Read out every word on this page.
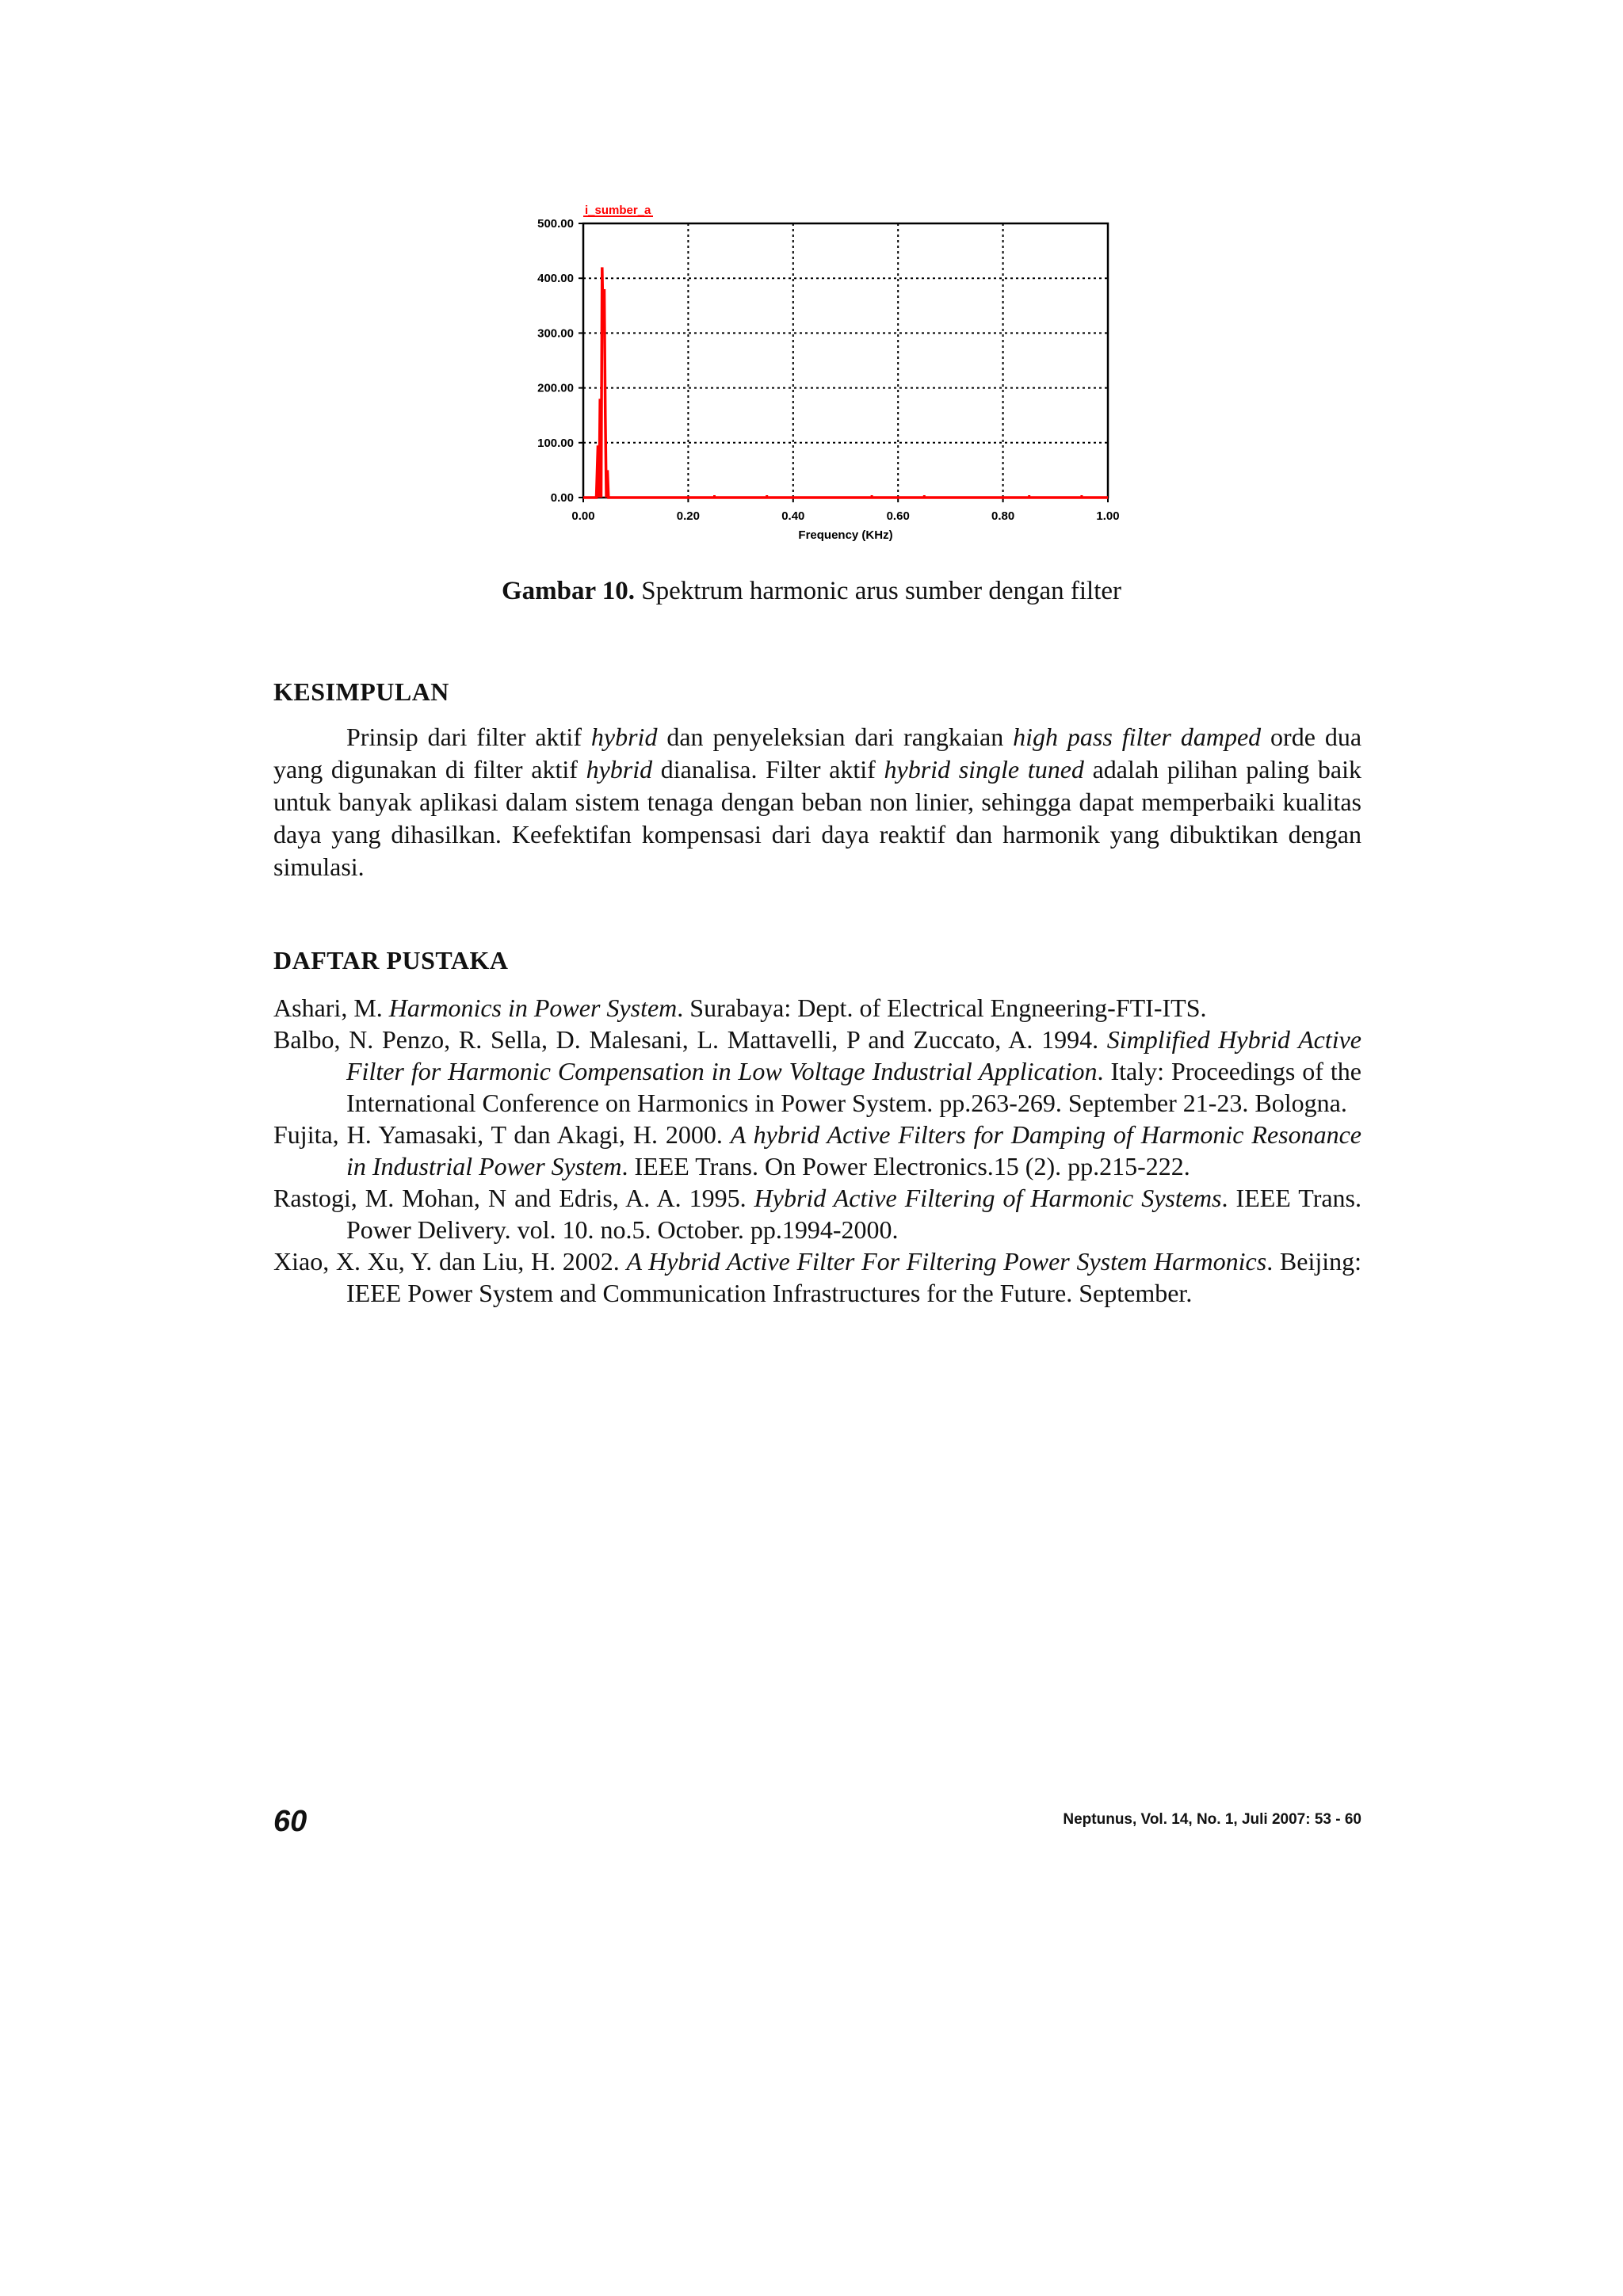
0.00	0.20	0.40	0.60	0.80	1.00
0.00
100.00
200.00
300.00
400.00
500.00
Frequency (KHz)
i_sumber_a
Gambar 10. Spektrum harmonic arus sumber dengan filter
KESIMPULAN

Prinsip dari filter aktif hybrid dan penyeleksian dari rangkaian high pass filter damped orde dua yang digunakan di filter aktif hybrid dianalisa. Filter aktif hybrid single tuned adalah pilihan paling baik untuk banyak aplikasi dalam sistem tenaga dengan beban non linier, sehingga dapat memperbaiki kualitas daya yang dihasilkan. Keefektifan kompensasi dari daya reaktif dan harmonik yang dibuktikan dengan simulasi.

DAFTAR PUSTAKA

Ashari, M. Harmonics in Power System. Surabaya: Dept. of Electrical Engneering-FTI-ITS.

Balbo, N. Penzo, R. Sella, D. Malesani, L. Mattavelli, P and Zuccato, A. 1994. Simplified Hybrid Active Filter for Harmonic Compensation in Low Voltage Industrial Application. Italy: Proceedings of the International Conference on Harmonics in Power System. pp.263-269. September 21-23. Bologna.

Fujita, H. Yamasaki, T dan Akagi, H. 2000. A hybrid Active Filters for Damping of Harmonic Resonance in Industrial Power System. IEEE Trans. On Power Electronics.15 (2). pp.215-222.

Rastogi, M. Mohan, N and Edris, A. A. 1995. Hybrid Active Filtering of Harmonic Systems. IEEE Trans. Power Delivery. vol. 10. no.5. October. pp.1994-2000.

Xiao, X. Xu, Y. dan Liu, H. 2002. A Hybrid Active Filter For Filtering Power System Harmonics. Beijing: IEEE Power System and Communication Infrastructures for the Future. September.

60	Neptunus, Vol. 14, No. 1, Juli 2007: 53 - 60
